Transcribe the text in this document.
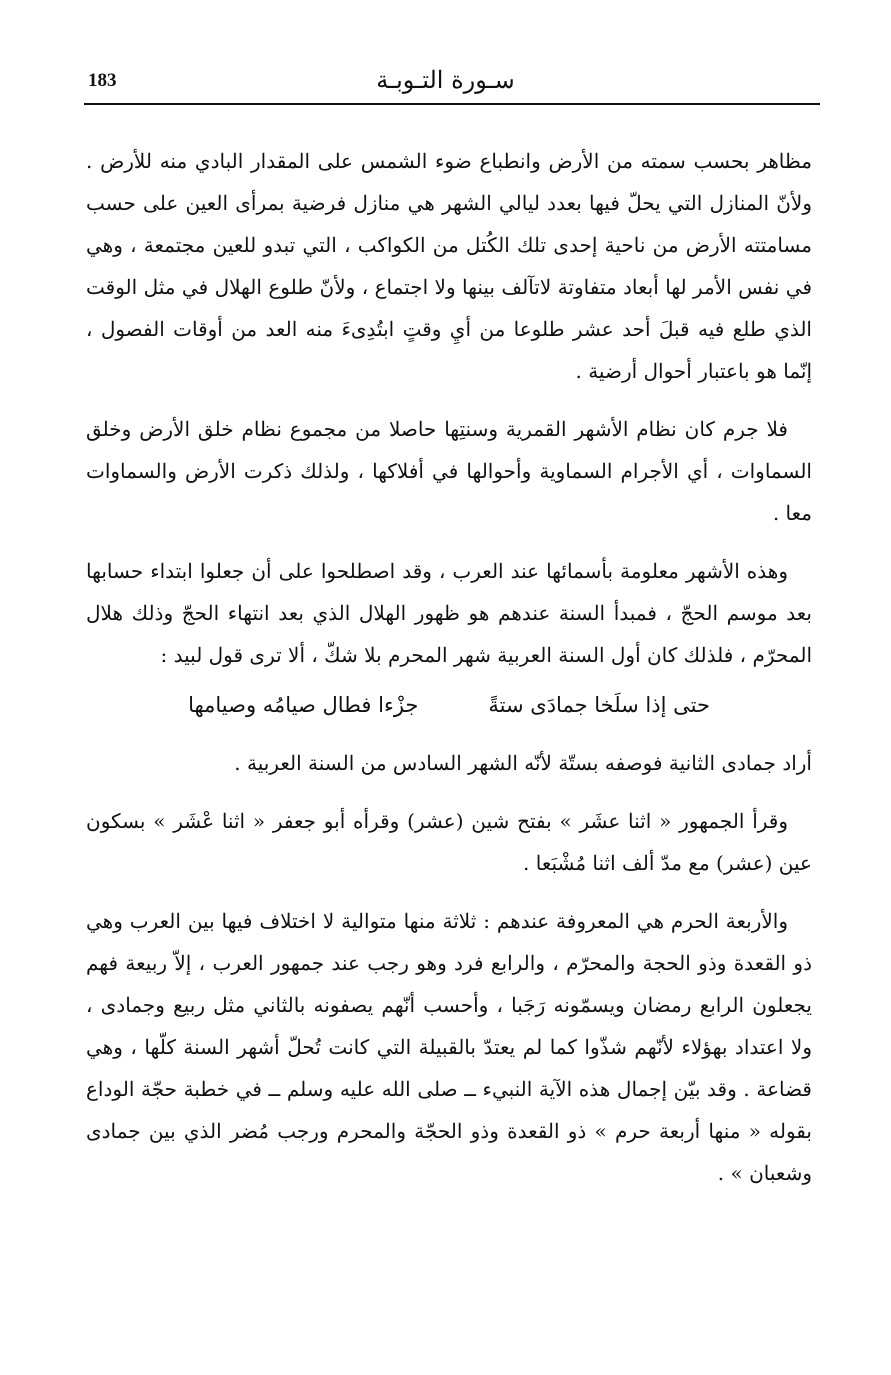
183	سـورة التـوبـة

مظاهر بحسب سمته من الأرض وانطباع ضوء الشمس على المقدار البادي منه للأرض . ولأنّ المنازل التي يحلّ فيها بعدد ليالي الشهر هي منازل فرضية بمرأى العين على حسب مسامتته الأرض من ناحية إحدى تلك الكُتل من الكواكب ، التي تبدو للعين مجتمعة ، وهي في نفس الأمر لها أبعاد متفاوتة لاتآلف بينها ولا اجتماع ، ولأنّ طلوع الهلال في مثل الوقت الذي طلع فيه قبلَ أحد عشر طلوعا من أيِ وقتٍ ابتُدِىءَ منه العد من أوقات الفصول ، إنّما هو باعتبار أحوال أرضية .

فلا جرم كان نظام الأشهر القمرية وسنتِها حاصلا من مجموع نظام خلق الأرض وخلق السماوات ، أي الأجرام السماوية وأحوالها في أفلاكها ، ولذلك ذكرت الأرض والسماوات معا .

وهذه الأشهر معلومة بأسمائها عند العرب ، وقد اصطلحوا على أن جعلوا ابتداء حسابها بعد موسم الحجّ ، فمبدأ السنة عندهم هو ظهور الهلال الذي بعد انتهاء الحجّ وذلك هلال المحرّم ، فلذلك كان أول السنة العربية شهر المحرم بلا شكّ ، ألا ترى قول لبيد :

حتى إذا سلَخا جمادَى ستةً
جزْءا فطال صيامُه وصيامها

أراد جمادى الثانية فوصفه بستّة لأنّه الشهر السادس من السنة العربية .

وقرأ الجمهور « اثنا عشَر » بفتح شين (عشر) وقرأه أبو جعفر « اثنا عْشَر » بسكون عين (عشر) مع مدّ ألف اثنا مُشْبَعا .

والأربعة الحرم هي المعروفة عندهم : ثلاثة منها متوالية لا اختلاف فيها بين العرب وهي ذو القعدة وذو الحجة والمحرّم ، والرابع فرد وهو رجب عند جمهور العرب ، إلاّ ربيعة فهم يجعلون الرابع رمضان ويسمّونه رَجَبا ، وأحسب أنّهم يصفونه بالثاني مثل ربيع وجمادى ، ولا اعتداد بهؤلاء لأنّهم شذّوا كما لم يعتدّ بالقبيلة التي كانت تُحلّ أشهر السنة كلّها ، وهي قضاعة . وقد بيّن إجمال هذه الآية النبيء ــ صلى الله عليه وسلم ــ في خطبة حجّة الوداع بقوله « منها أربعة حرم » ذو القعدة وذو الحجّة والمحرم ورجب مُضر الذي بين جمادى وشعبان » .
